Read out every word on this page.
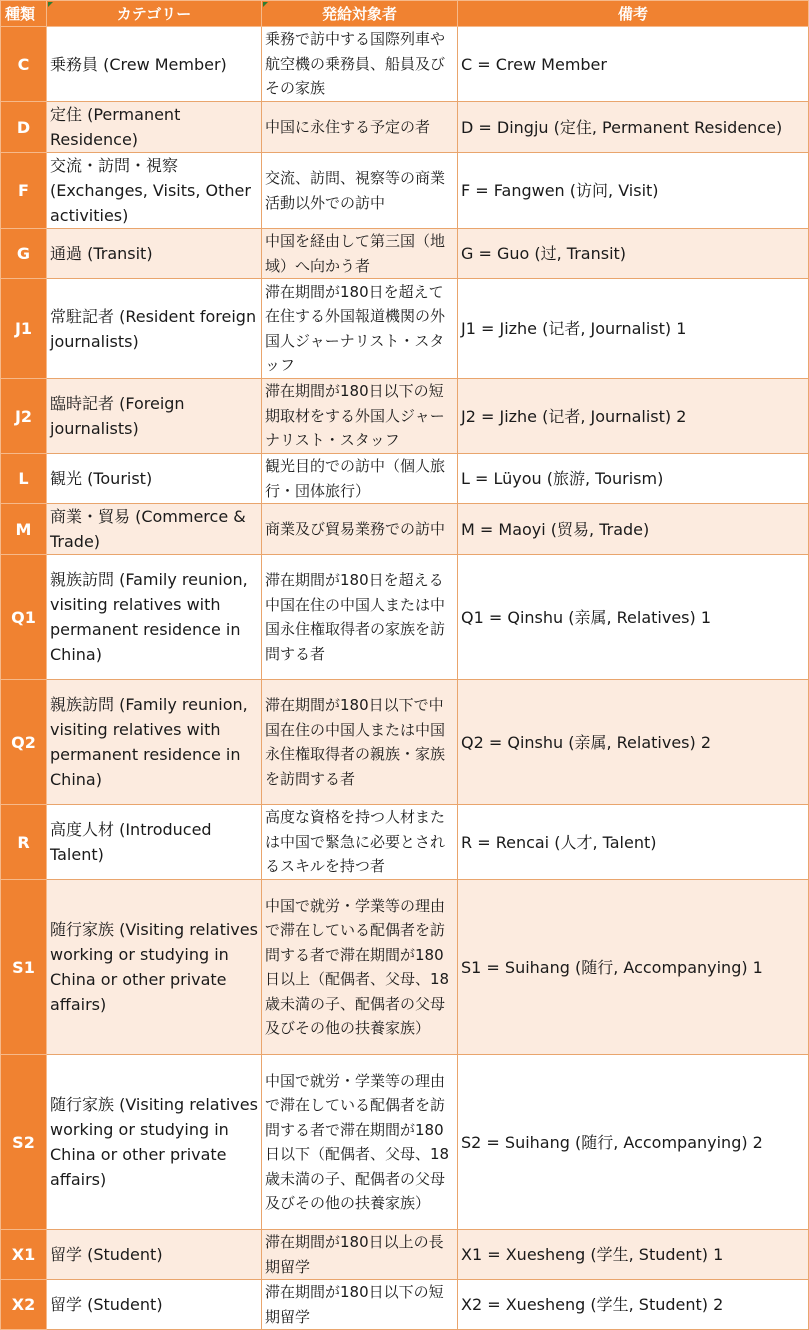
種類	カテゴリー	発給対象者	備考
C	乗務員 (Crew Member)	乗務で訪中する国際列車や航空機の乗務員、船員及びその家族	C = Crew Member
D	定住 (Permanent Residence)	中国に永住する予定の者	D = Dingju (定住, Permanent Residence)
F	交流・訪問・視察 (Exchanges, Visits, Other activities)	交流、訪問、視察等の商業活動以外での訪中	F = Fangwen (访问, Visit)
G	通過 (Transit)	中国を経由して第三国（地域）へ向かう者	G = Guo (过, Transit)
J1	常駐記者 (Resident foreign journalists)	滞在期間が180日を超えて在住する外国報道機関の外国人ジャーナリスト・スタッフ	J1 = Jizhe (记者, Journalist) 1
J2	臨時記者 (Foreign journalists)	滞在期間が180日以下の短期取材をする外国人ジャーナリスト・スタッフ	J2 = Jizhe (记者, Journalist) 2
L	観光 (Tourist)	観光目的での訪中（個人旅行・団体旅行）	L = Lüyou (旅游, Tourism)
M	商業・貿易 (Commerce & Trade)	商業及び貿易業務での訪中	M = Maoyi (贸易, Trade)
Q1	親族訪問 (Family reunion, visiting relatives with permanent residence in China)	滞在期間が180日を超える中国在住の中国人または中国永住権取得者の家族を訪問する者	Q1 = Qinshu (亲属, Relatives) 1
Q2	親族訪問 (Family reunion, visiting relatives with permanent residence in China)	滞在期間が180日以下で中国在住の中国人または中国永住権取得者の親族・家族を訪問する者	Q2 = Qinshu (亲属, Relatives) 2
R	高度人材 (Introduced Talent)	高度な資格を持つ人材または中国で緊急に必要とされるスキルを持つ者	R = Rencai (人才, Talent)
S1	随行家族 (Visiting relatives working or studying in China or other private affairs)	中国で就労・学業等の理由で滞在している配偶者を訪問する者で滞在期間が180日以上（配偶者、父母、18歳未満の子、配偶者の父母及びその他の扶養家族）	S1 = Suihang (随行, Accompanying) 1
S2	随行家族 (Visiting relatives working or studying in China or other private affairs)	中国で就労・学業等の理由で滞在している配偶者を訪問する者で滞在期間が180日以下（配偶者、父母、18歳未満の子、配偶者の父母及びその他の扶養家族）	S2 = Suihang (随行, Accompanying) 2
X1	留学 (Student)	滞在期間が180日以上の長期留学	X1 = Xuesheng (学生, Student) 1
X2	留学 (Student)	滞在期間が180日以下の短期留学	X2 = Xuesheng (学生, Student) 2
